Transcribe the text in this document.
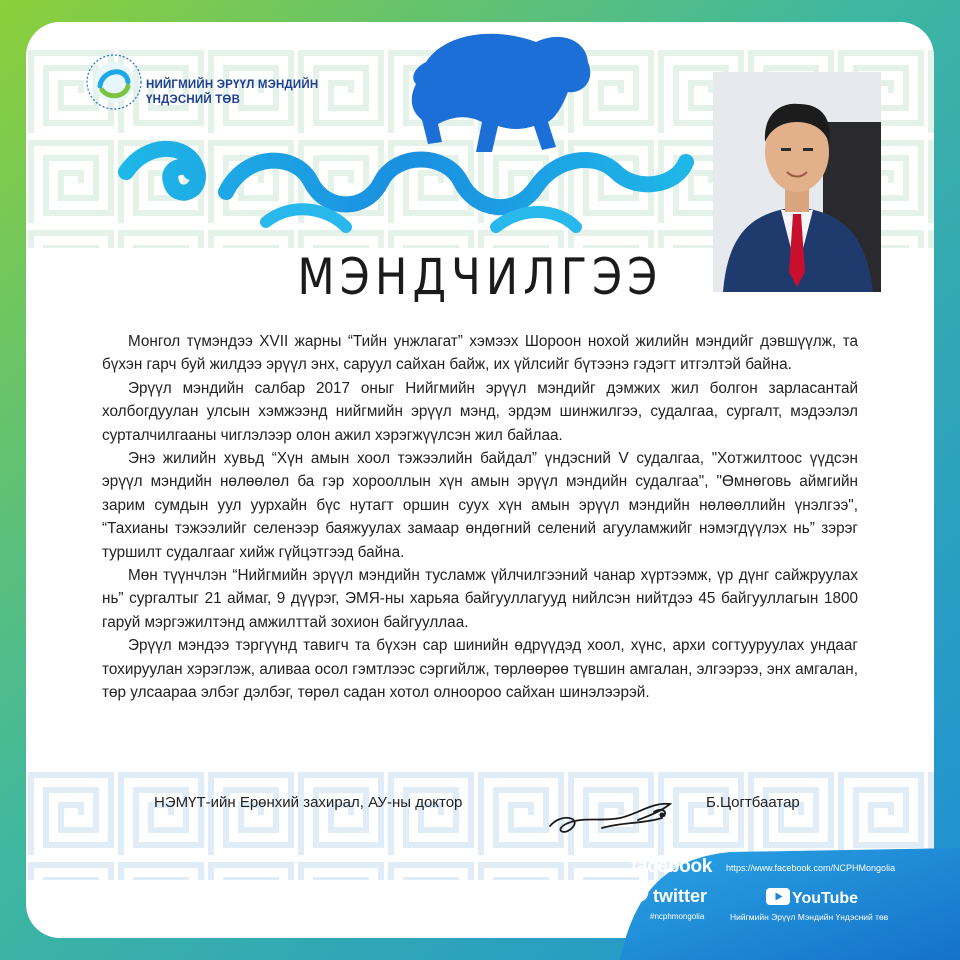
НИЙГМИЙН ЭРҮҮЛ МЭНДИЙН
ҮНДЭСНИЙ ТӨВ
МЭНДЧИЛГЭЭ

Монгол түмэндээ XVII жарны “Тийн унжлагат” хэмээх Шороон нохой жилийн мэндийг дэвшүүлж, та бүхэн гарч буй жилдээ эрүүл энх, саруул сайхан байж, их үйлсийг бүтээнэ гэдэгт итгэлтэй байна.

Эрүүл мэндийн салбар 2017 оныг Нийгмийн эрүүл мэндийг дэмжих жил болгон зарласантай холбогдуулан улсын хэмжээнд нийгмийн эрүүл мэнд, эрдэм шинжилгээ, судалгаа, сургалт, мэдээлэл сурталчилгааны чиглэлээр олон ажил хэрэгжүүлсэн жил байлаа.

Энэ жилийн хувьд “Хүн амын хоол тэжээлийн байдал” үндэсний V судалгаа, "Хотжилтоос үүдсэн эрүүл мэндийн нөлөөлөл ба гэр хорооллын хүн амын эрүүл мэндийн судалгаа", "Өмнөговь аймгийн зарим сумдын уул уурхайн бүс нутагт оршин суух хүн амын эрүүл мэндийн нөлөөллийн үнэлгээ", “Тахианы тэжээлийг селенээр баяжуулах замаар өндөгний селений агууламжийг нэмэгдүүлэх нь” зэрэг туршилт судалгааг хийж гүйцэтгээд байна.

Мөн түүнчлэн “Нийгмийн эрүүл мэндийн тусламж үйлчилгээний чанар хүртээмж, үр дүнг сайжруулах нь” сургалтыг 21 аймаг, 9 дүүрэг, ЭМЯ-ны харьяа байгууллагууд нийлсэн нийтдээ 45 байгууллагын 1800 гаруй мэргэжилтэнд амжилттай зохион байгууллаа.

Эрүүл мэндээ тэргүүнд тавигч та бүхэн сар шинийн өдрүүдэд хоол, хүнс, архи согтууруулах ундааг тохируулан хэрэглэж, аливаа осол гэмтлээс сэргийлж, төрлөөрөө түвшин амгалан, элгээрээ, энх амгалан, төр улсаараа элбэг дэлбэг, төрөл садан хотол олноороо сайхан шинэлээрэй.

НЭМҮТ-ийн Ерөнхий захирал, АУ-ны доктор	Б.Цогтбаатар
facebook https://www.facebook.com/NCPHMongolia
twitter
#ncphmongolia
YouTube
Нийгмийн Эрүүл Мэндийн Үндэсний төв
